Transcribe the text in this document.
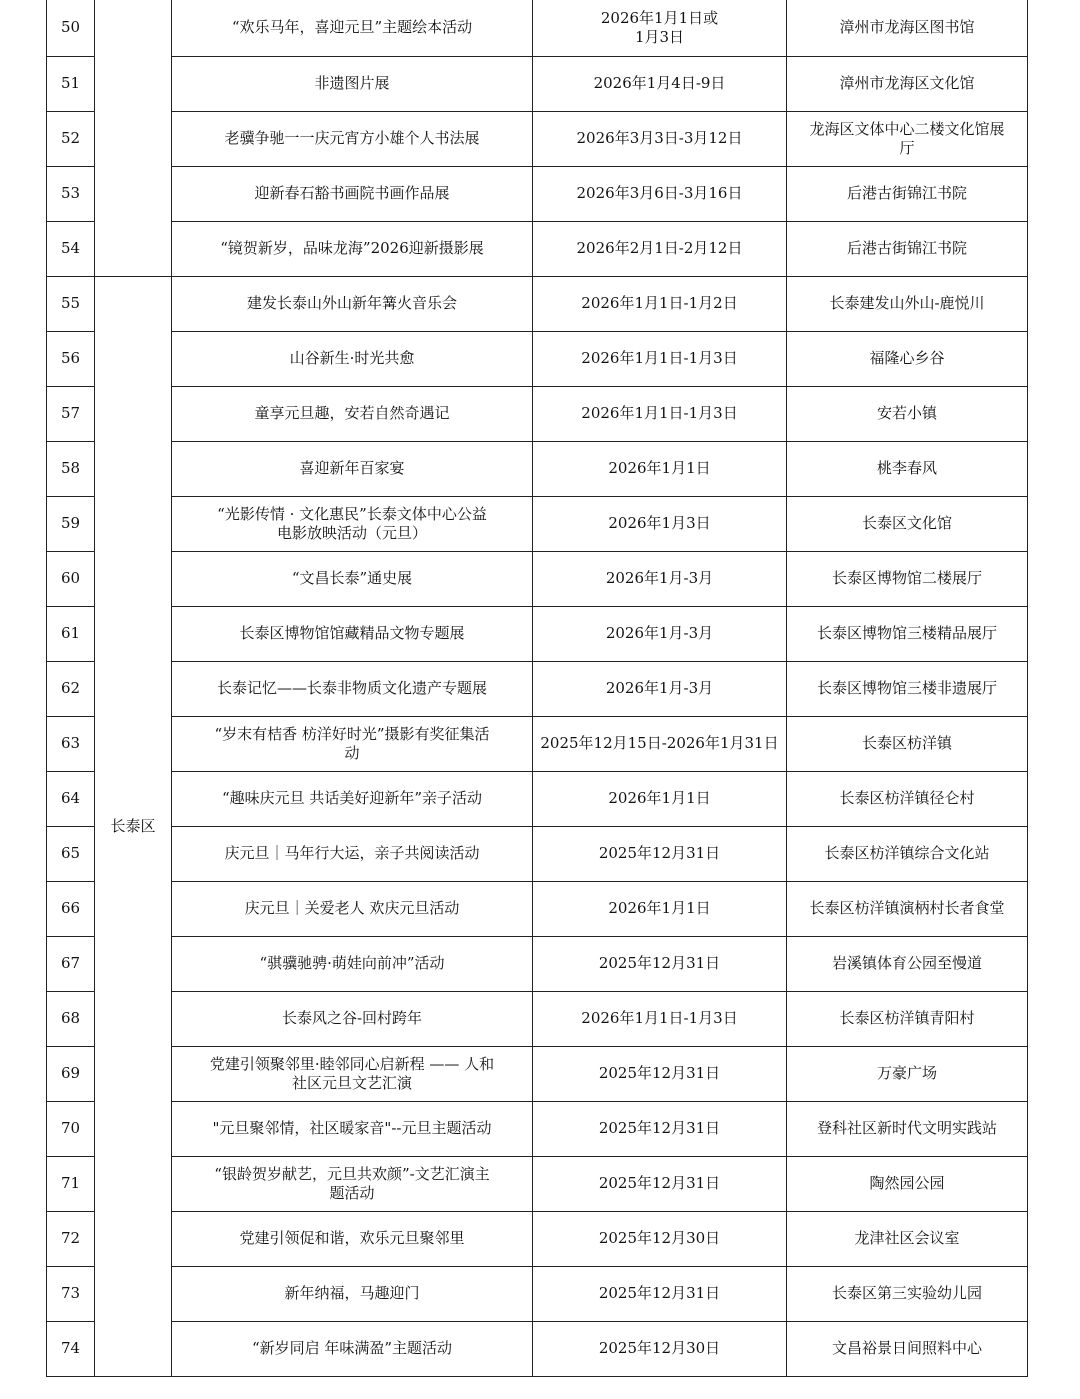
50		“欢乐马年，喜迎元旦”主题绘本活动	2026年1月1日或
1月3日	漳州市龙海区图书馆
51		非遗图片展	2026年1月4日-9日	漳州市龙海区文化馆
52		老骥争驰一一庆元宵方小雄个人书法展	2026年3月3日-3月12日	龙海区文体中心二楼文化馆展
厅
53		迎新春石豁书画院书画作品展	2026年3月6日-3月16日	后港古街锦江书院
54		“镜贺新岁，品味龙海”2026迎新摄影展	2026年2月1日-2月12日	后港古街锦江书院
55	长泰区	建发长泰山外山新年篝火音乐会	2026年1月1日-1月2日	长泰建发山外山-鹿悦川
56		山谷新生·时光共愈	2026年1月1日-1月3日	福隆心乡谷
57		童享元旦趣，安若自然奇遇记	2026年1月1日-1月3日	安若小镇
58		喜迎新年百家宴	2026年1月1日	桃李春风
59		“光影传情 · 文化惠民”长泰文体中心公益
电影放映活动（元旦）	2026年1月3日	长泰区文化馆
60		“文昌长泰”通史展	2026年1月-3月	长泰区博物馆二楼展厅
61		长泰区博物馆馆藏精品文物专题展	2026年1月-3月	长泰区博物馆三楼精品展厅
62		长泰记忆——长泰非物质文化遗产专题展	2026年1月-3月	长泰区博物馆三楼非遗展厅
63		“岁末有桔香 枋洋好时光”摄影有奖征集活
动	2025年12月15日-2026年1月31日	长泰区枋洋镇
64		“趣味庆元旦 共话美好迎新年”亲子活动	2026年1月1日	长泰区枋洋镇径仑村
65		庆元旦｜马年行大运，亲子共阅读活动	2025年12月31日	长泰区枋洋镇综合文化站
66		庆元旦｜关爱老人 欢庆元旦活动	2026年1月1日	长泰区枋洋镇演柄村长者食堂
67		“骐骥驰骋·萌娃向前冲”活动	2025年12月31日	岩溪镇体育公园至慢道
68		长泰风之谷-回村跨年	2026年1月1日-1月3日	长泰区枋洋镇青阳村
69		党建引领聚邻里·睦邻同心启新程 —— 人和
社区元旦文艺汇演	2025年12月31日	万豪广场
70		"元旦聚邻情，社区暖家音"--元旦主题活动	2025年12月31日	登科社区新时代文明实践站
71		“银龄贺岁献艺，元旦共欢颜”-文艺汇演主
题活动	2025年12月31日	陶然园公园
72		党建引领促和谐，欢乐元旦聚邻里	2025年12月30日	龙津社区会议室
73		新年纳福，马趣迎门	2025年12月31日	长泰区第三实验幼儿园
74		“新岁同启 年味满盈”主题活动	2025年12月30日	文昌裕景日间照料中心
